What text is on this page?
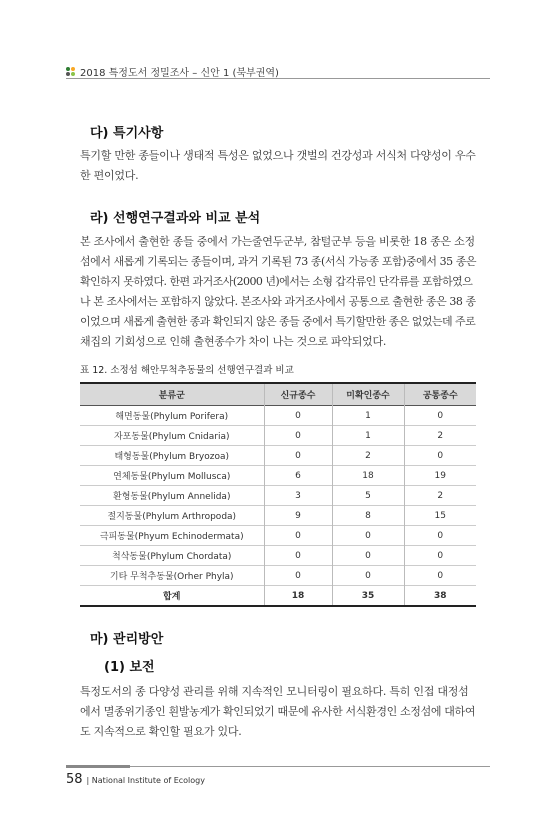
2018 특정도서 정밀조사 – 신안 1 (북부권역)
다) 특기사항
특기할 만한 종들이나 생태적 특성은 없었으나 갯벌의 건강성과 서식처 다양성이 우수
한 편이었다.
라) 선행연구결과와 비교 분석
본 조사에서 출현한 종들 중에서 가는줄연두군부, 참털군부 등을 비롯한 18 종은 소정
섬에서 새롭게 기록되는 종들이며, 과거 기록된 73 종(서식 가능종 포함)중에서 35 종은
확인하지 못하였다. 한편 과거조사(2000 년)에서는 소형 갑각류인 단각류를 포함하였으
나 본 조사에서는 포함하지 않았다. 본조사와 과거조사에서 공통으로 출현한 종은 38 종
이었으며 새롭게 출현한 종과 확인되지 않은 종들 중에서 특기할만한 종은 없었는데 주로
채집의 기회성으로 인해 출현종수가 차이 나는 것으로 파악되었다.
표 12. 소정섬 해안무척추동물의 선행연구결과 비교
분류군	신규종수	미확인종수	공통종수
해면동물(Phylum Porifera)	0	1	0
자포동물(Phylum Cnidaria)	0	1	2
태형동물(Phylum Bryozoa)	0	2	0
연체동물(Phylum Mollusca)	6	18	19
환형동물(Phylum Annelida)	3	5	2
절지동물(Phylum Arthropoda)	9	8	15
극피동물(Phyum Echinodermata)	0	0	0
척삭동물(Phylum Chordata)	0	0	0
기타 무척추동물(Orher Phyla)	0	0	0
합계	18	35	38
마) 관리방안
(1) 보전
특정도서의 종 다양성 관리를 위해 지속적인 모니터링이 필요하다. 특히 인접 대정섬
에서 멸종위기종인 흰발농게가 확인되었기 때문에 유사한 서식환경인 소정섬에 대하여
도 지속적으로 확인할 필요가 있다.
58 | National Institute of Ecology
